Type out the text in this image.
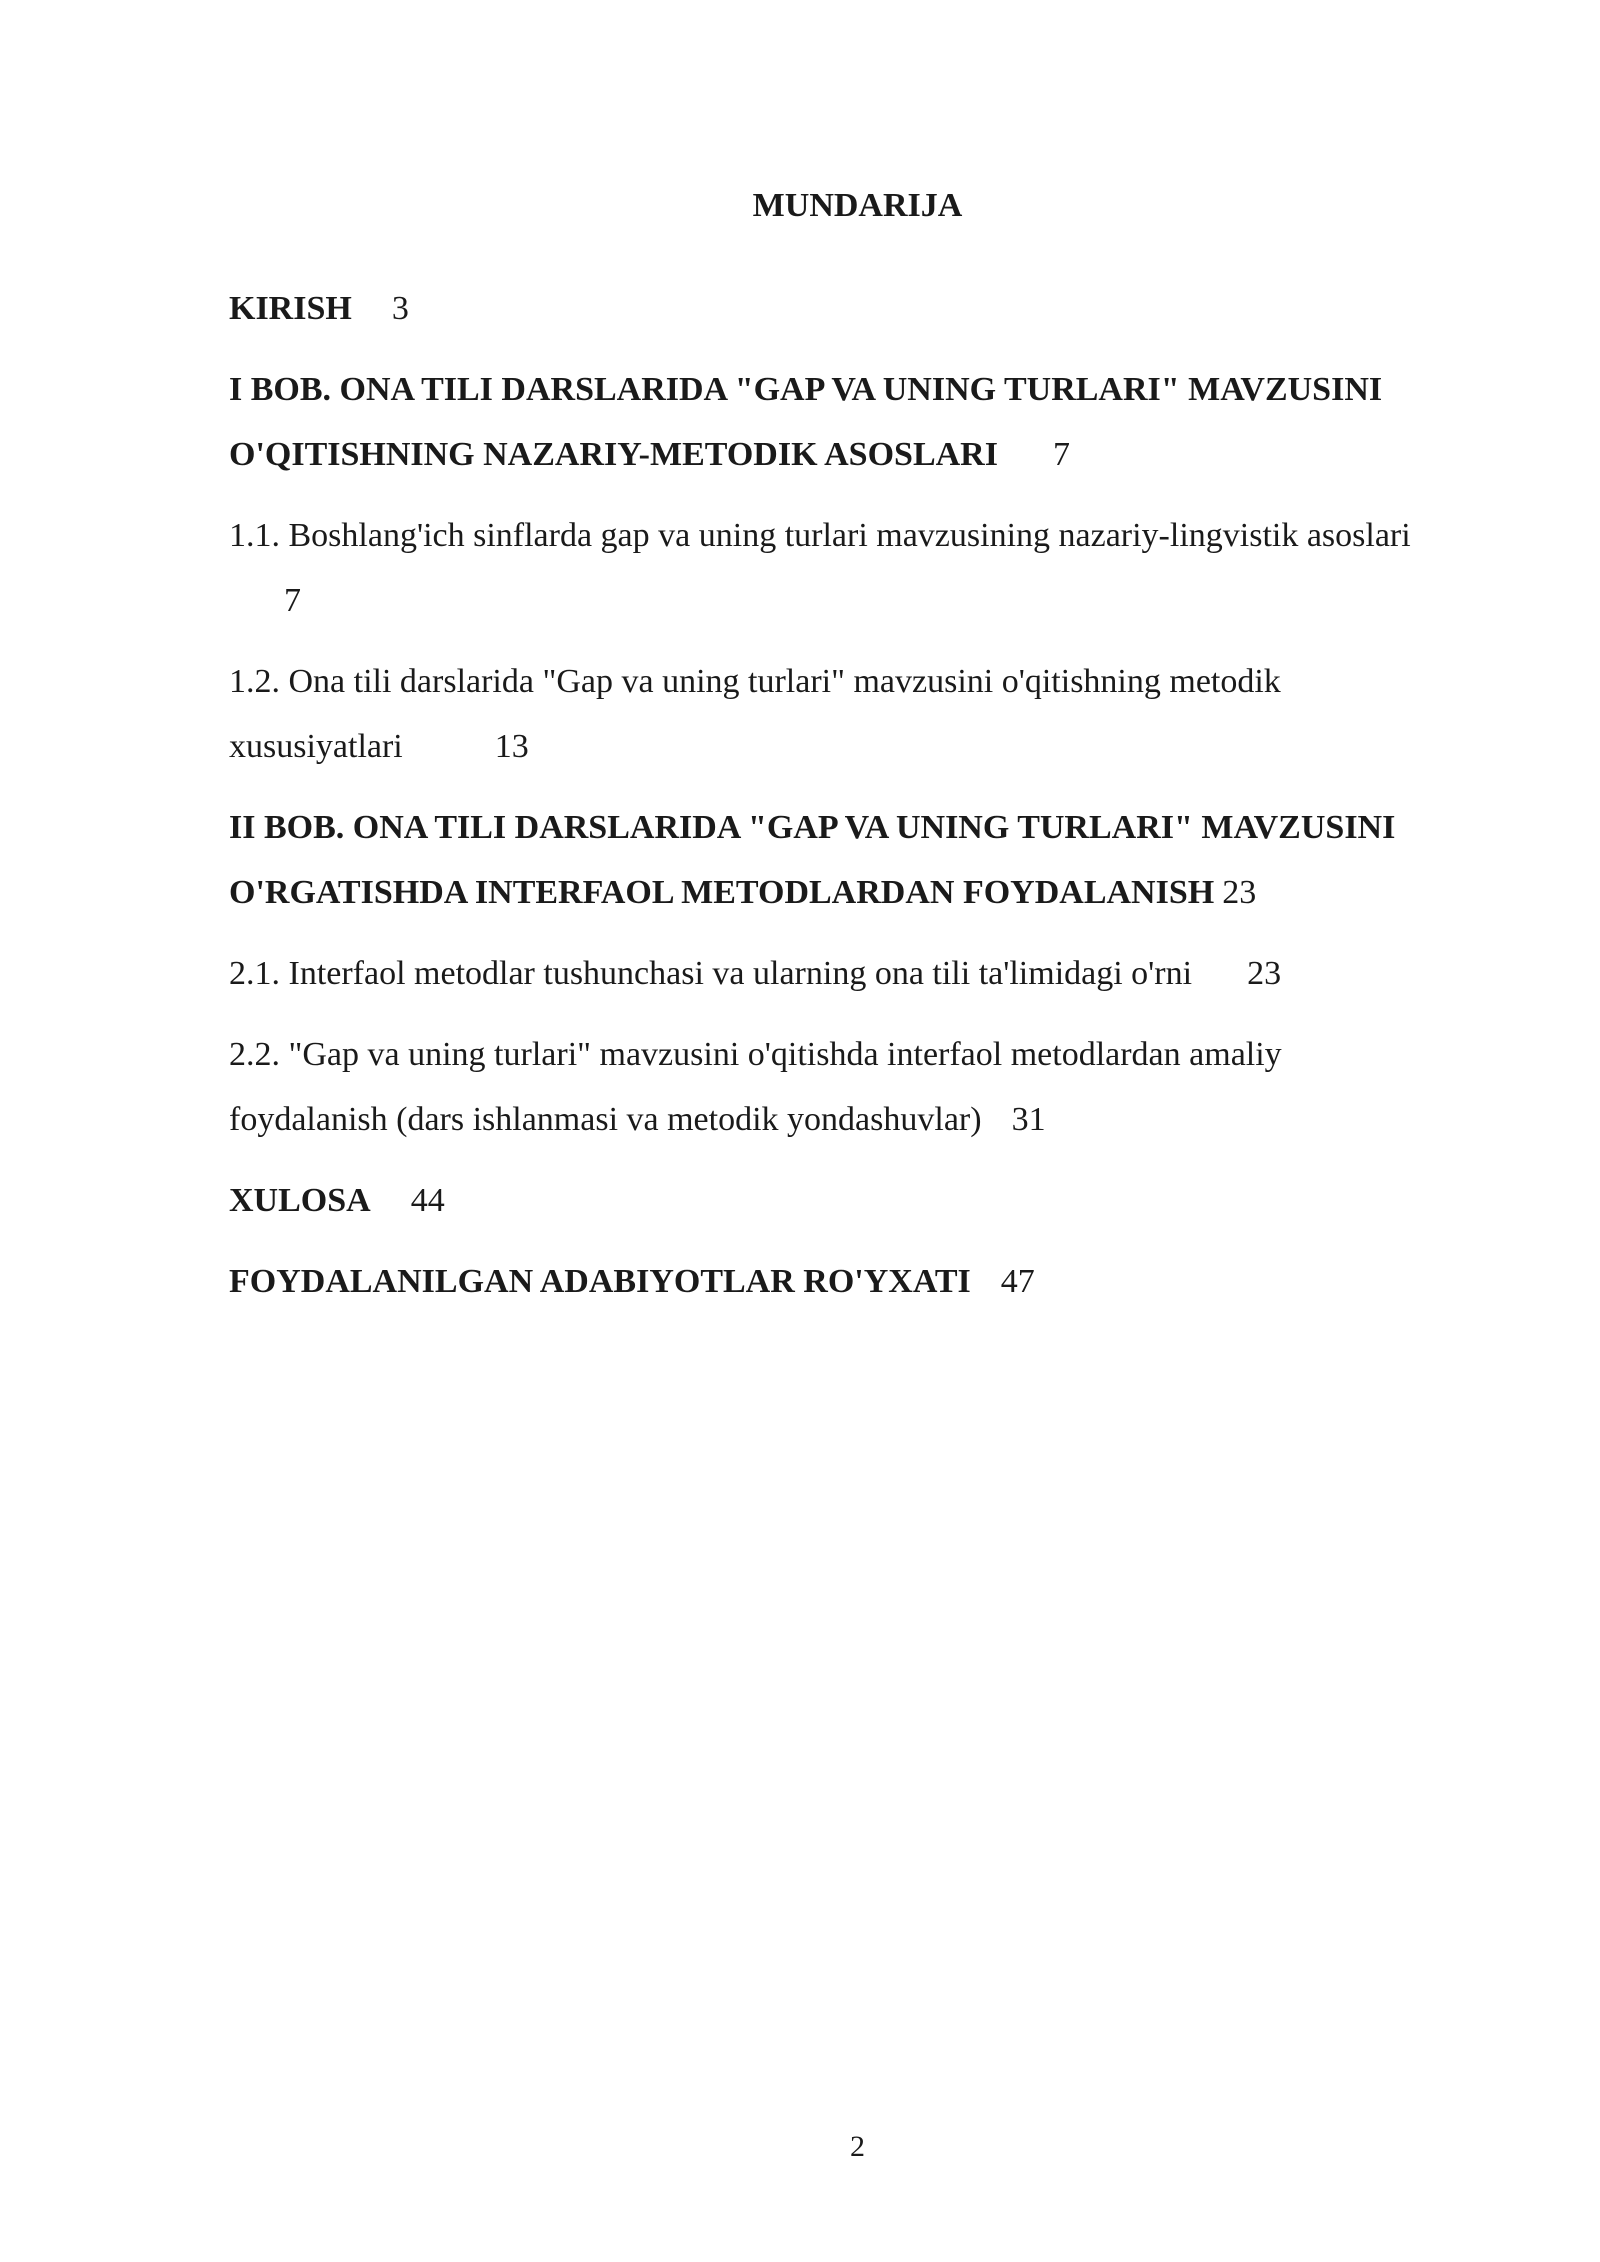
MUNDARIJA
KIRISH 3
I BOB. ONA TILI DARSLARIDA "GAP VA UNING TURLARI" MAVZUSINI O'QITISHNING NAZARIY-METODIK ASOSLARI 7
1.1. Boshlang'ich sinflarda gap va uning turlari mavzusining nazariy-lingvistik asoslari7
1.2. Ona tili darslarida "Gap va uning turlari" mavzusini o'qitishning metodik xususiyatlari	13
II BOB. ONA TILI DARSLARIDA "GAP VA UNING TURLARI" MAVZUSINI O'RGATISHDA INTERFAOL METODLARDAN FOYDALANISH 23
2.1. Interfaol metodlar tushunchasi va ularning ona tili ta'limidagi o'rni 23
2.2. "Gap va uning turlari" mavzusini o'qitishda interfaol metodlardan amaliy foydalanish (dars ishlanmasi va metodik yondashuvlar) 31
XULOSA 44
FOYDALANILGAN ADABIYOTLAR RO'YXATI 47
2
